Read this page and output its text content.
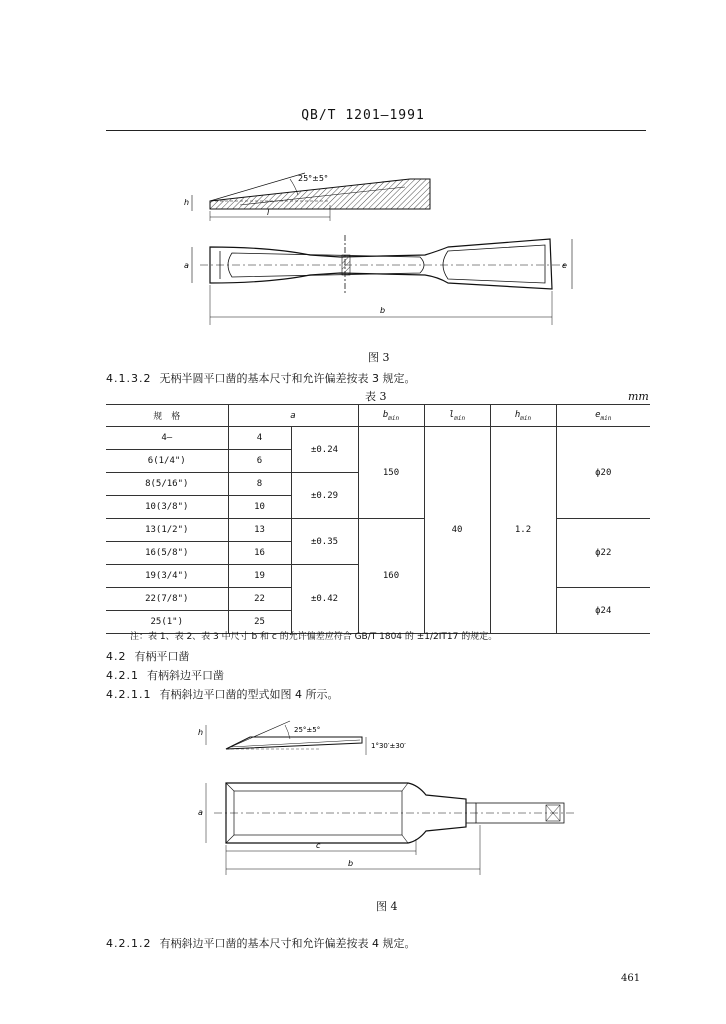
QB/T 1201—1991
25°±5°
h
l
a	e
b
图 3
4.1.3.2 无柄半圆平口凿的基本尺寸和允许偏差按表 3 规定。
表 3	mm
规　格	a		$b_{min}$	$l_{min}$	$h_{min}$	$e_{min}$
4—	4	±0.24	150	40	1.2	ϕ20
6(1/4")	6					
8(5/16")	8	±0.29				
10(3/8")	10					
13(1/2")	13	±0.35	160			ϕ22
16(5/8")	16					
19(3/4")	19	±0.42				
22(7/8")	22					ϕ24
25(1")	25					
注：表 1、表 2、表 3 中尺寸 b 和 c 的允许偏差应符合 GB/T 1804 的 ±1/2IT17 的规定。
4.2 有柄平口凿
4.2.1 有柄斜边平口凿
4.2.1.1 有柄斜边平口凿的型式如图 4 所示。
25°±5°
h
1°30′±30′
a
c
b
图 4
4.2.1.2 有柄斜边平口凿的基本尺寸和允许偏差按表 4 规定。
461
